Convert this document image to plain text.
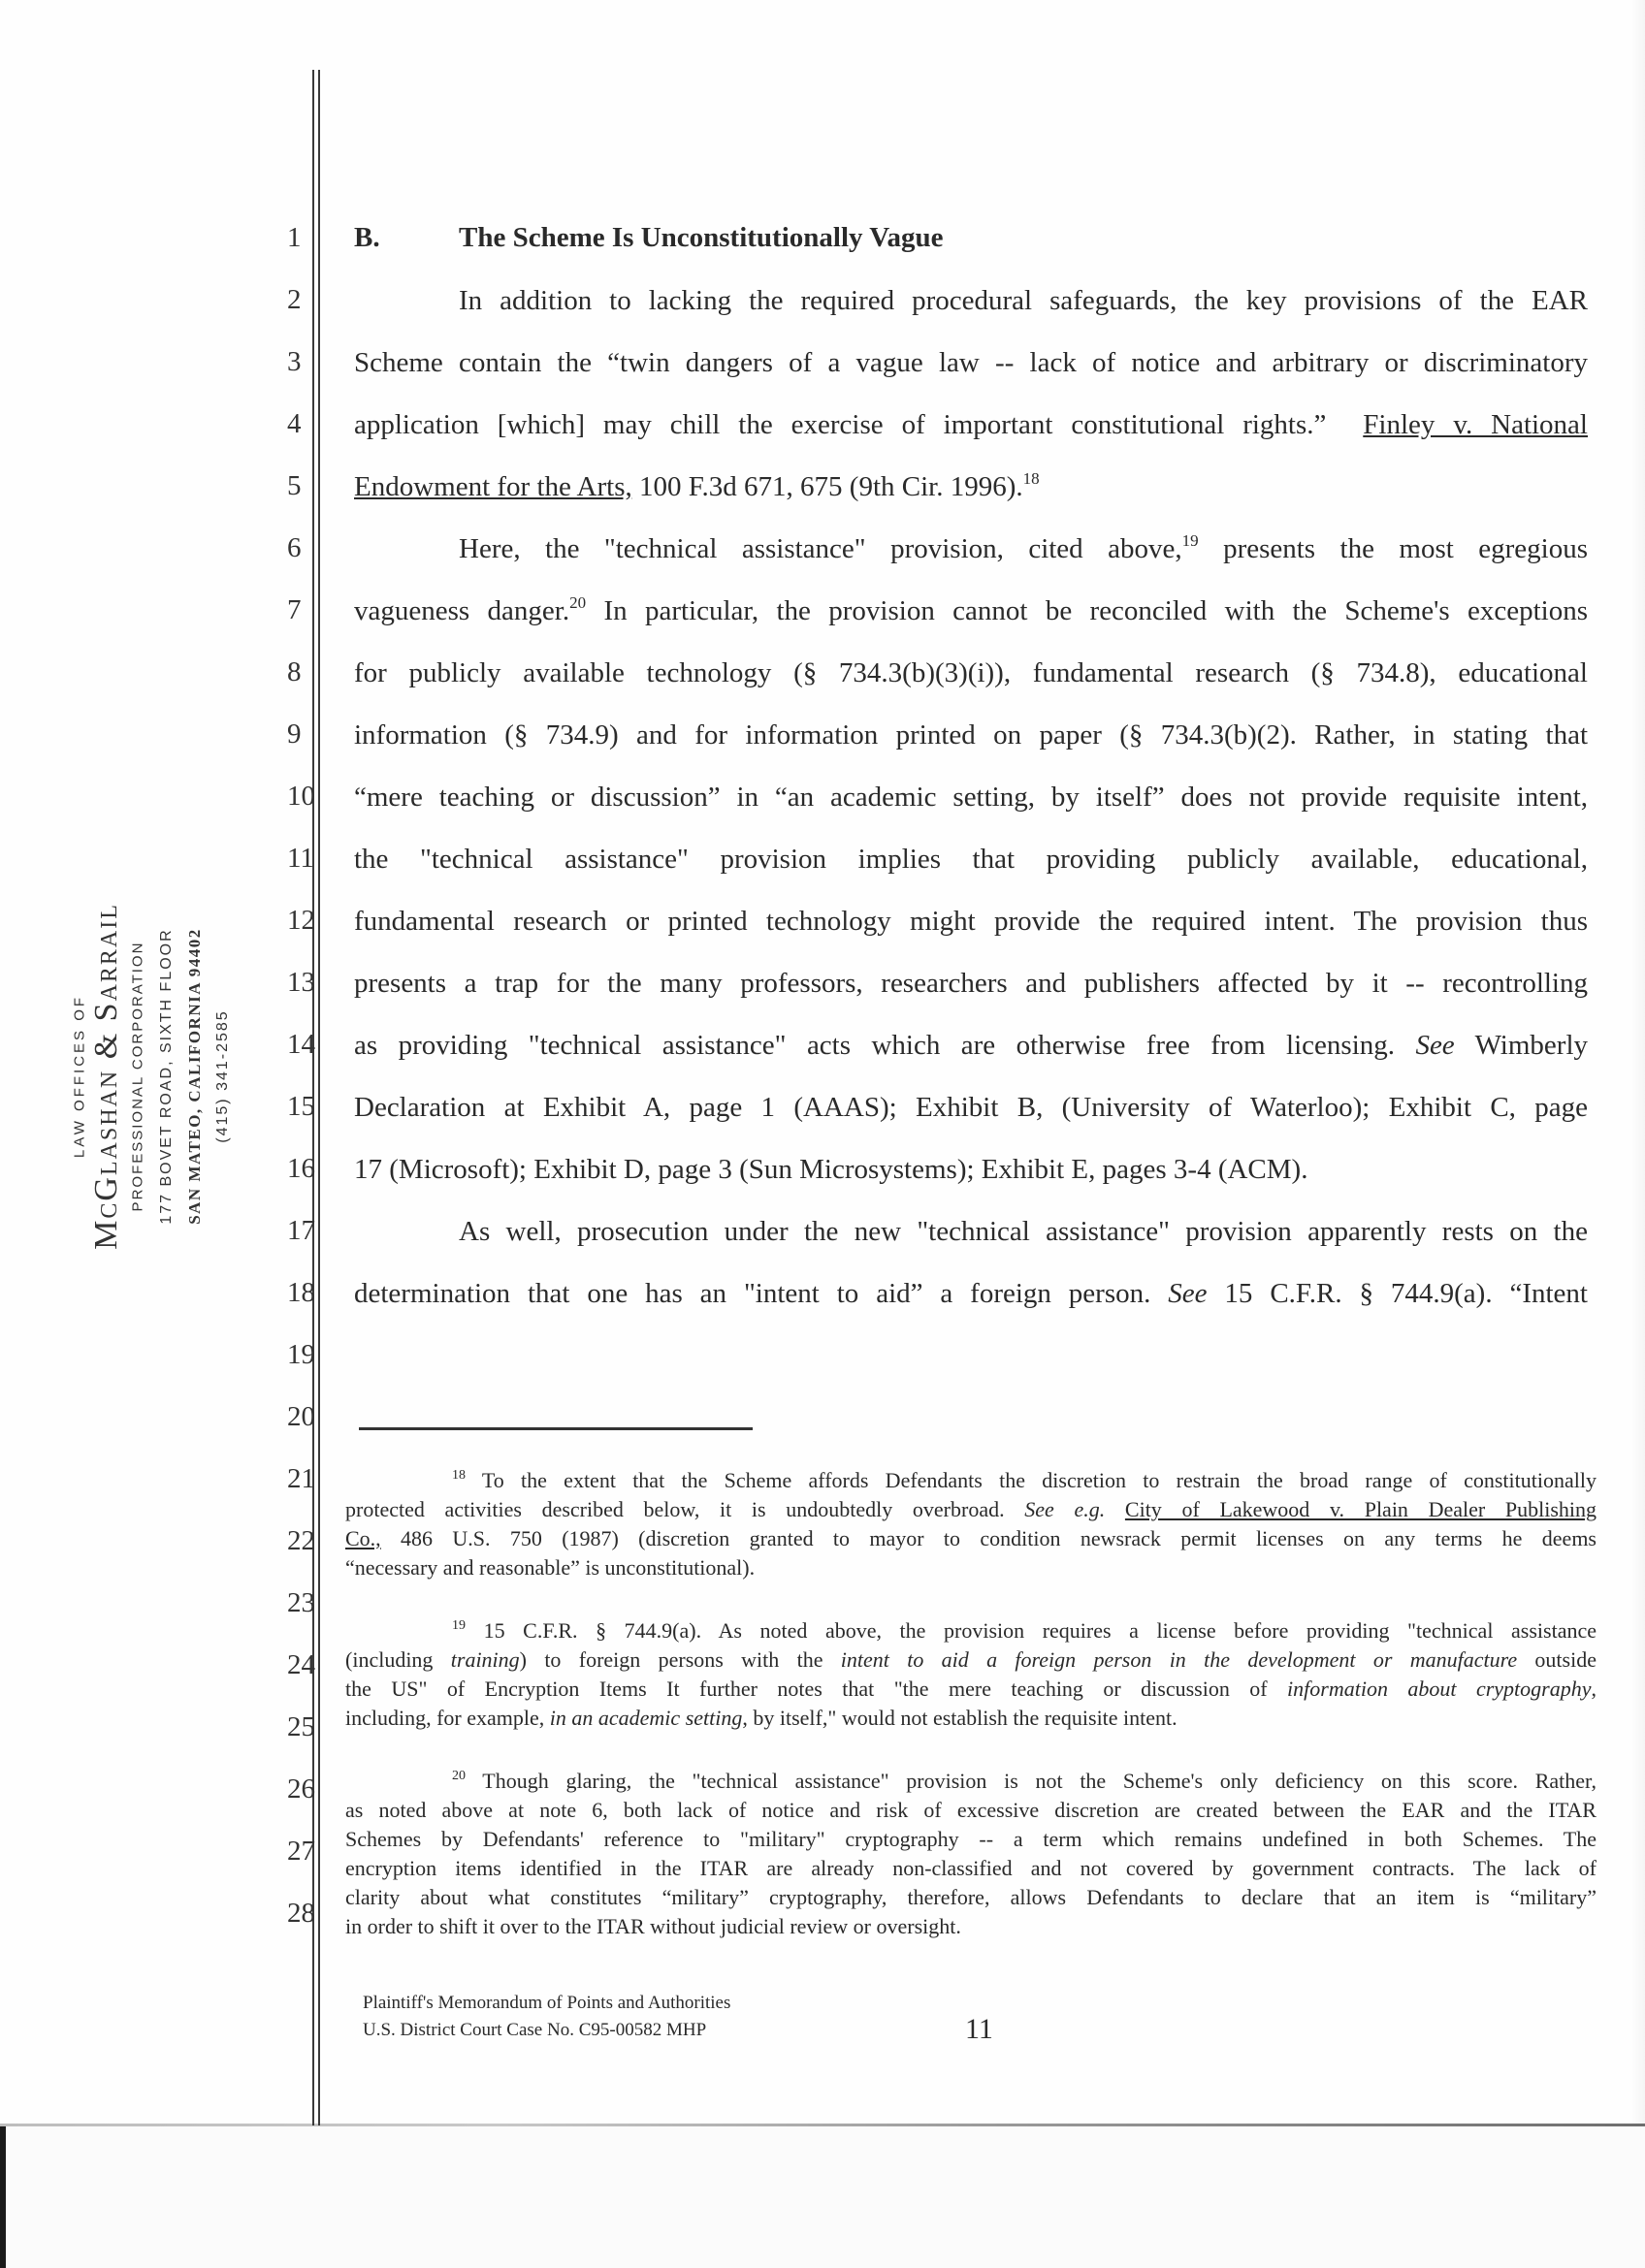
1
2
3
4
5
6
7
8
9
10
11
12
13
14
15
16
17
18
19
20
21
22
23
24
25
26
27
28
LAW OFFICES OF McGlashan & Sarrail PROFESSIONAL CORPORATION 177 BOVET ROAD, SIXTH FLOOR SAN MATEO, CALIFORNIA 94402 (415) 341-2585
B.	The Scheme Is Unconstitutionally Vague
In addition to lacking the required procedural safeguards, the key provisions of the EAR
Scheme contain the “twin dangers of a vague law -- lack of notice and arbitrary or discriminatory
application [which] may chill the exercise of important constitutional rights.” Finley v. National
Endowment for the Arts, 100 F.3d 671, 675 (9th Cir. 1996).$^{18}$
Here, the "technical assistance" provision, cited above,$^{19}$ presents the most egregious
vagueness danger.$^{20}$ In particular, the provision cannot be reconciled with the Scheme's exceptions
for publicly available technology (§ 734.3(b)(3)(i)), fundamental research (§ 734.8), educational
information (§ 734.9) and for information printed on paper (§ 734.3(b)(2). Rather, in stating that
“mere teaching or discussion” in “an academic setting, by itself” does not provide requisite intent,
the "technical assistance" provision implies that providing publicly available, educational,
fundamental research or printed technology might provide the required intent. The provision thus
presents a trap for the many professors, researchers and publishers affected by it -- recontrolling
as providing "technical assistance" acts which are otherwise free from licensing. See Wimberly
Declaration at Exhibit A, page 1 (AAAS); Exhibit B, (University of Waterloo); Exhibit C, page
17 (Microsoft); Exhibit D, page 3 (Sun Microsystems); Exhibit E, pages 3-4 (ACM).
As well, prosecution under the new "technical assistance" provision apparently rests on the
determination that one has an "intent to aid” a foreign person. See 15 C.F.R. § 744.9(a). “Intent
$^{18}$ To the extent that the Scheme affords Defendants the discretion to restrain the broad range of constitutionally
protected activities described below, it is undoubtedly overbroad. See e.g. City of Lakewood v. Plain Dealer Publishing
Co., 486 U.S. 750 (1987) (discretion granted to mayor to condition newsrack permit licenses on any terms he deems
“necessary and reasonable” is unconstitutional).
$^{19}$ 15 C.F.R. § 744.9(a). As noted above, the provision requires a license before providing "technical assistance
(including training) to foreign persons with the intent to aid a foreign person in the development or manufacture outside
the US" of Encryption Items It further notes that "the mere teaching or discussion of information about cryptography,
including, for example, in an academic setting, by itself," would not establish the requisite intent.
$^{20}$ Though glaring, the "technical assistance" provision is not the Scheme's only deficiency on this score. Rather,
as noted above at note 6, both lack of notice and risk of excessive discretion are created between the EAR and the ITAR
Schemes by Defendants' reference to "military" cryptography -- a term which remains undefined in both Schemes. The
encryption items identified in the ITAR are already non-classified and not covered by government contracts. The lack of
clarity about what constitutes “military” cryptography, therefore, allows Defendants to declare that an item is “military”
in order to shift it over to the ITAR without judicial review or oversight.
Plaintiff's Memorandum of Points and Authorities
U.S. District Court Case No. C95-00582 MHP	11
